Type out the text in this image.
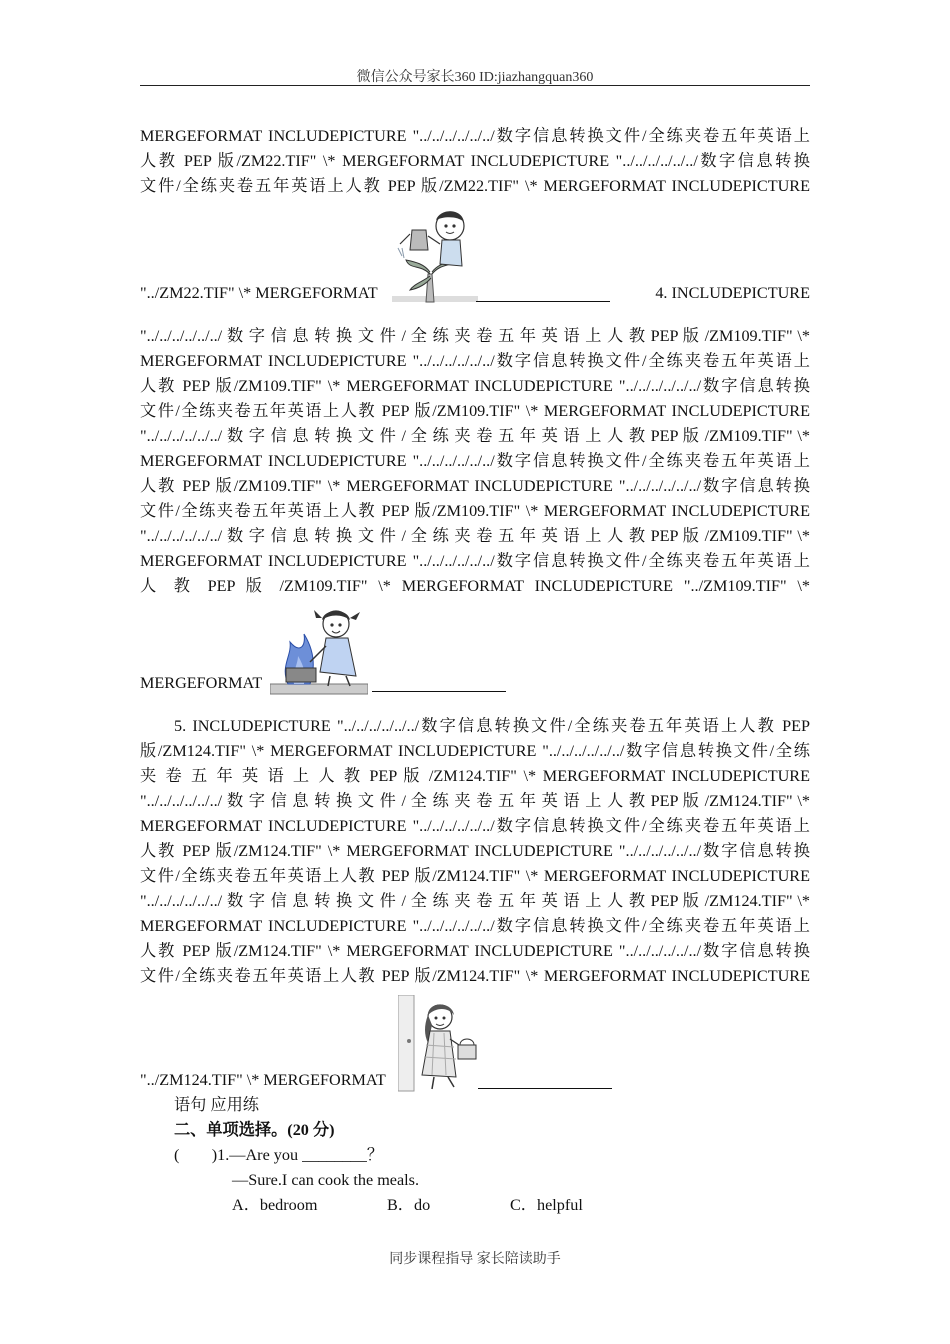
微信公众号家长360 ID:jiazhangquan360

MERGEFORMAT INCLUDEPICTURE "../../../../../../数字信息转换文件/全练夹卷五年英语上

人教 PEP 版/ZM22.TIF" \* MERGEFORMAT INCLUDEPICTURE "../../../../../../数字信息转换

文件/全练夹卷五年英语上人教 PEP 版/ZM22.TIF" \* MERGEFORMAT INCLUDEPICTURE

"../ZM22.TIF" \* MERGEFORMAT	4. INCLUDEPICTURE

"../../../../../../ 数 字 信 息 转 换 文 件 / 全 练 夹 卷 五 年 英 语 上 人 教 PEP 版 /ZM109.TIF" \*

MERGEFORMAT INCLUDEPICTURE "../../../../../../数字信息转换文件/全练夹卷五年英语上

人教 PEP 版/ZM109.TIF" \* MERGEFORMAT INCLUDEPICTURE "../../../../../../数字信息转换

文件/全练夹卷五年英语上人教 PEP 版/ZM109.TIF" \* MERGEFORMAT INCLUDEPICTURE

"../../../../../../ 数 字 信 息 转 换 文 件 / 全 练 夹 卷 五 年 英 语 上 人 教 PEP 版 /ZM109.TIF" \*

MERGEFORMAT INCLUDEPICTURE "../../../../../../数字信息转换文件/全练夹卷五年英语上

人教 PEP 版/ZM109.TIF" \* MERGEFORMAT INCLUDEPICTURE "../../../../../../数字信息转换

文件/全练夹卷五年英语上人教 PEP 版/ZM109.TIF" \* MERGEFORMAT INCLUDEPICTURE

"../../../../../../ 数 字 信 息 转 换 文 件 / 全 练 夹 卷 五 年 英 语 上 人 教 PEP 版 /ZM109.TIF" \*

MERGEFORMAT INCLUDEPICTURE "../../../../../../数字信息转换文件/全练夹卷五年英语上

人 教 PEP 版 /ZM109.TIF" \* MERGEFORMAT INCLUDEPICTURE "../ZM109.TIF" \*

MERGEFORMAT

5. INCLUDEPICTURE "../../../../../../数字信息转换文件/全练夹卷五年英语上人教 PEP

版/ZM124.TIF" \* MERGEFORMAT INCLUDEPICTURE "../../../../../../数字信息转换文件/全练

夹 卷 五 年 英 语 上 人 教 PEP 版 /ZM124.TIF" \* MERGEFORMAT INCLUDEPICTURE

"../../../../../../ 数 字 信 息 转 换 文 件 / 全 练 夹 卷 五 年 英 语 上 人 教 PEP 版 /ZM124.TIF" \*

MERGEFORMAT INCLUDEPICTURE "../../../../../../数字信息转换文件/全练夹卷五年英语上

人教 PEP 版/ZM124.TIF" \* MERGEFORMAT INCLUDEPICTURE "../../../../../../数字信息转换

文件/全练夹卷五年英语上人教 PEP 版/ZM124.TIF" \* MERGEFORMAT INCLUDEPICTURE

"../../../../../../ 数 字 信 息 转 换 文 件 / 全 练 夹 卷 五 年 英 语 上 人 教 PEP 版 /ZM124.TIF" \*

MERGEFORMAT INCLUDEPICTURE "../../../../../../数字信息转换文件/全练夹卷五年英语上

人教 PEP 版/ZM124.TIF" \* MERGEFORMAT INCLUDEPICTURE "../../../../../../数字信息转换

文件/全练夹卷五年英语上人教 PEP 版/ZM124.TIF" \* MERGEFORMAT INCLUDEPICTURE

"../ZM124.TIF" \* MERGEFORMAT

语句 应用练

二、单项选择。(20 分)

(        )1.—Are you ________？

—Sure.I can cook the meals.

A．bedroom	B．do	C．helpful
同步课程指导 家长陪读助手
